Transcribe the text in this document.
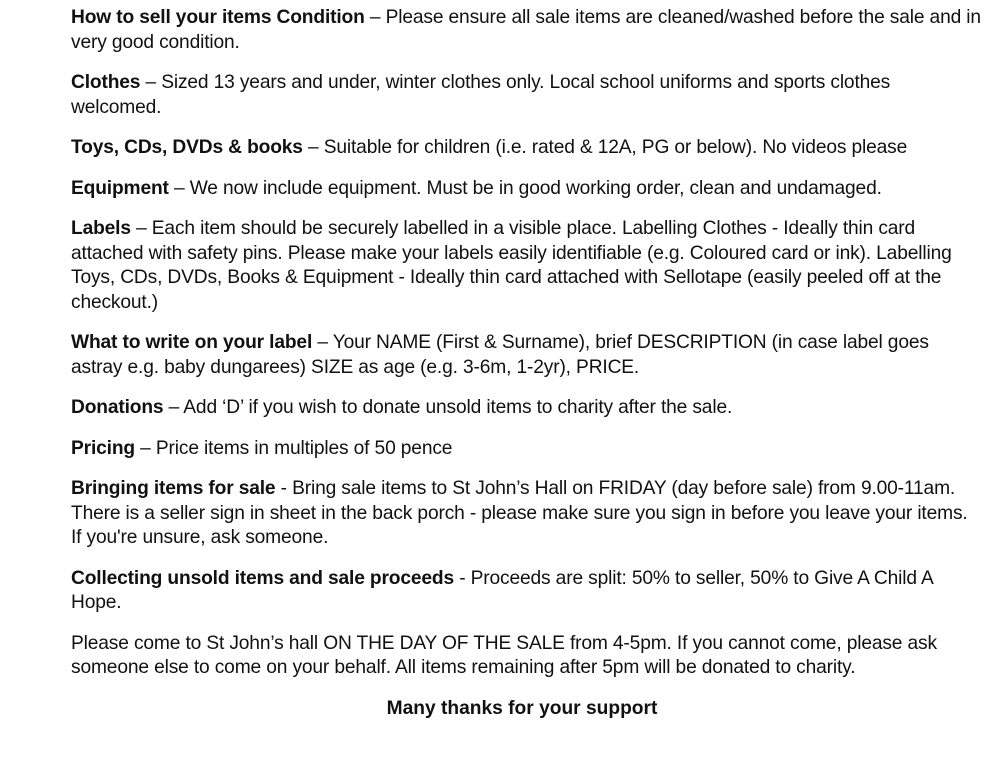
How to sell your items Condition – Please ensure all sale items are cleaned/washed before the sale and in very good condition.

Clothes – Sized 13 years and under, winter clothes only. Local school uniforms and sports clothes welcomed.

Toys, CDs, DVDs & books – Suitable for children (i.e. rated & 12A, PG or below). No videos please

Equipment – We now include equipment. Must be in good working order, clean and undamaged.

Labels – Each item should be securely labelled in a visible place. Labelling Clothes - Ideally thin card attached with safety pins. Please make your labels easily identifiable (e.g. Coloured card or ink). Labelling Toys, CDs, DVDs, Books & Equipment - Ideally thin card attached with Sellotape (easily peeled off at the checkout.)

What to write on your label – Your NAME (First & Surname), brief DESCRIPTION (in case label goes astray e.g. baby dungarees) SIZE as age (e.g. 3-6m, 1-2yr), PRICE.

Donations – Add ‘D’ if you wish to donate unsold items to charity after the sale.

Pricing – Price items in multiples of 50 pence

Bringing items for sale - Bring sale items to St John’s Hall on FRIDAY (day before sale) from 9.00-11am. There is a seller sign in sheet in the back porch - please make sure you sign in before you leave your items. If you're unsure, ask someone.

Collecting unsold items and sale proceeds - Proceeds are split: 50% to seller, 50% to Give A Child A Hope.

Please come to St John’s hall ON THE DAY OF THE SALE from 4-5pm. If you cannot come, please ask someone else to come on your behalf. All items remaining after 5pm will be donated to charity.

Many thanks for your support
